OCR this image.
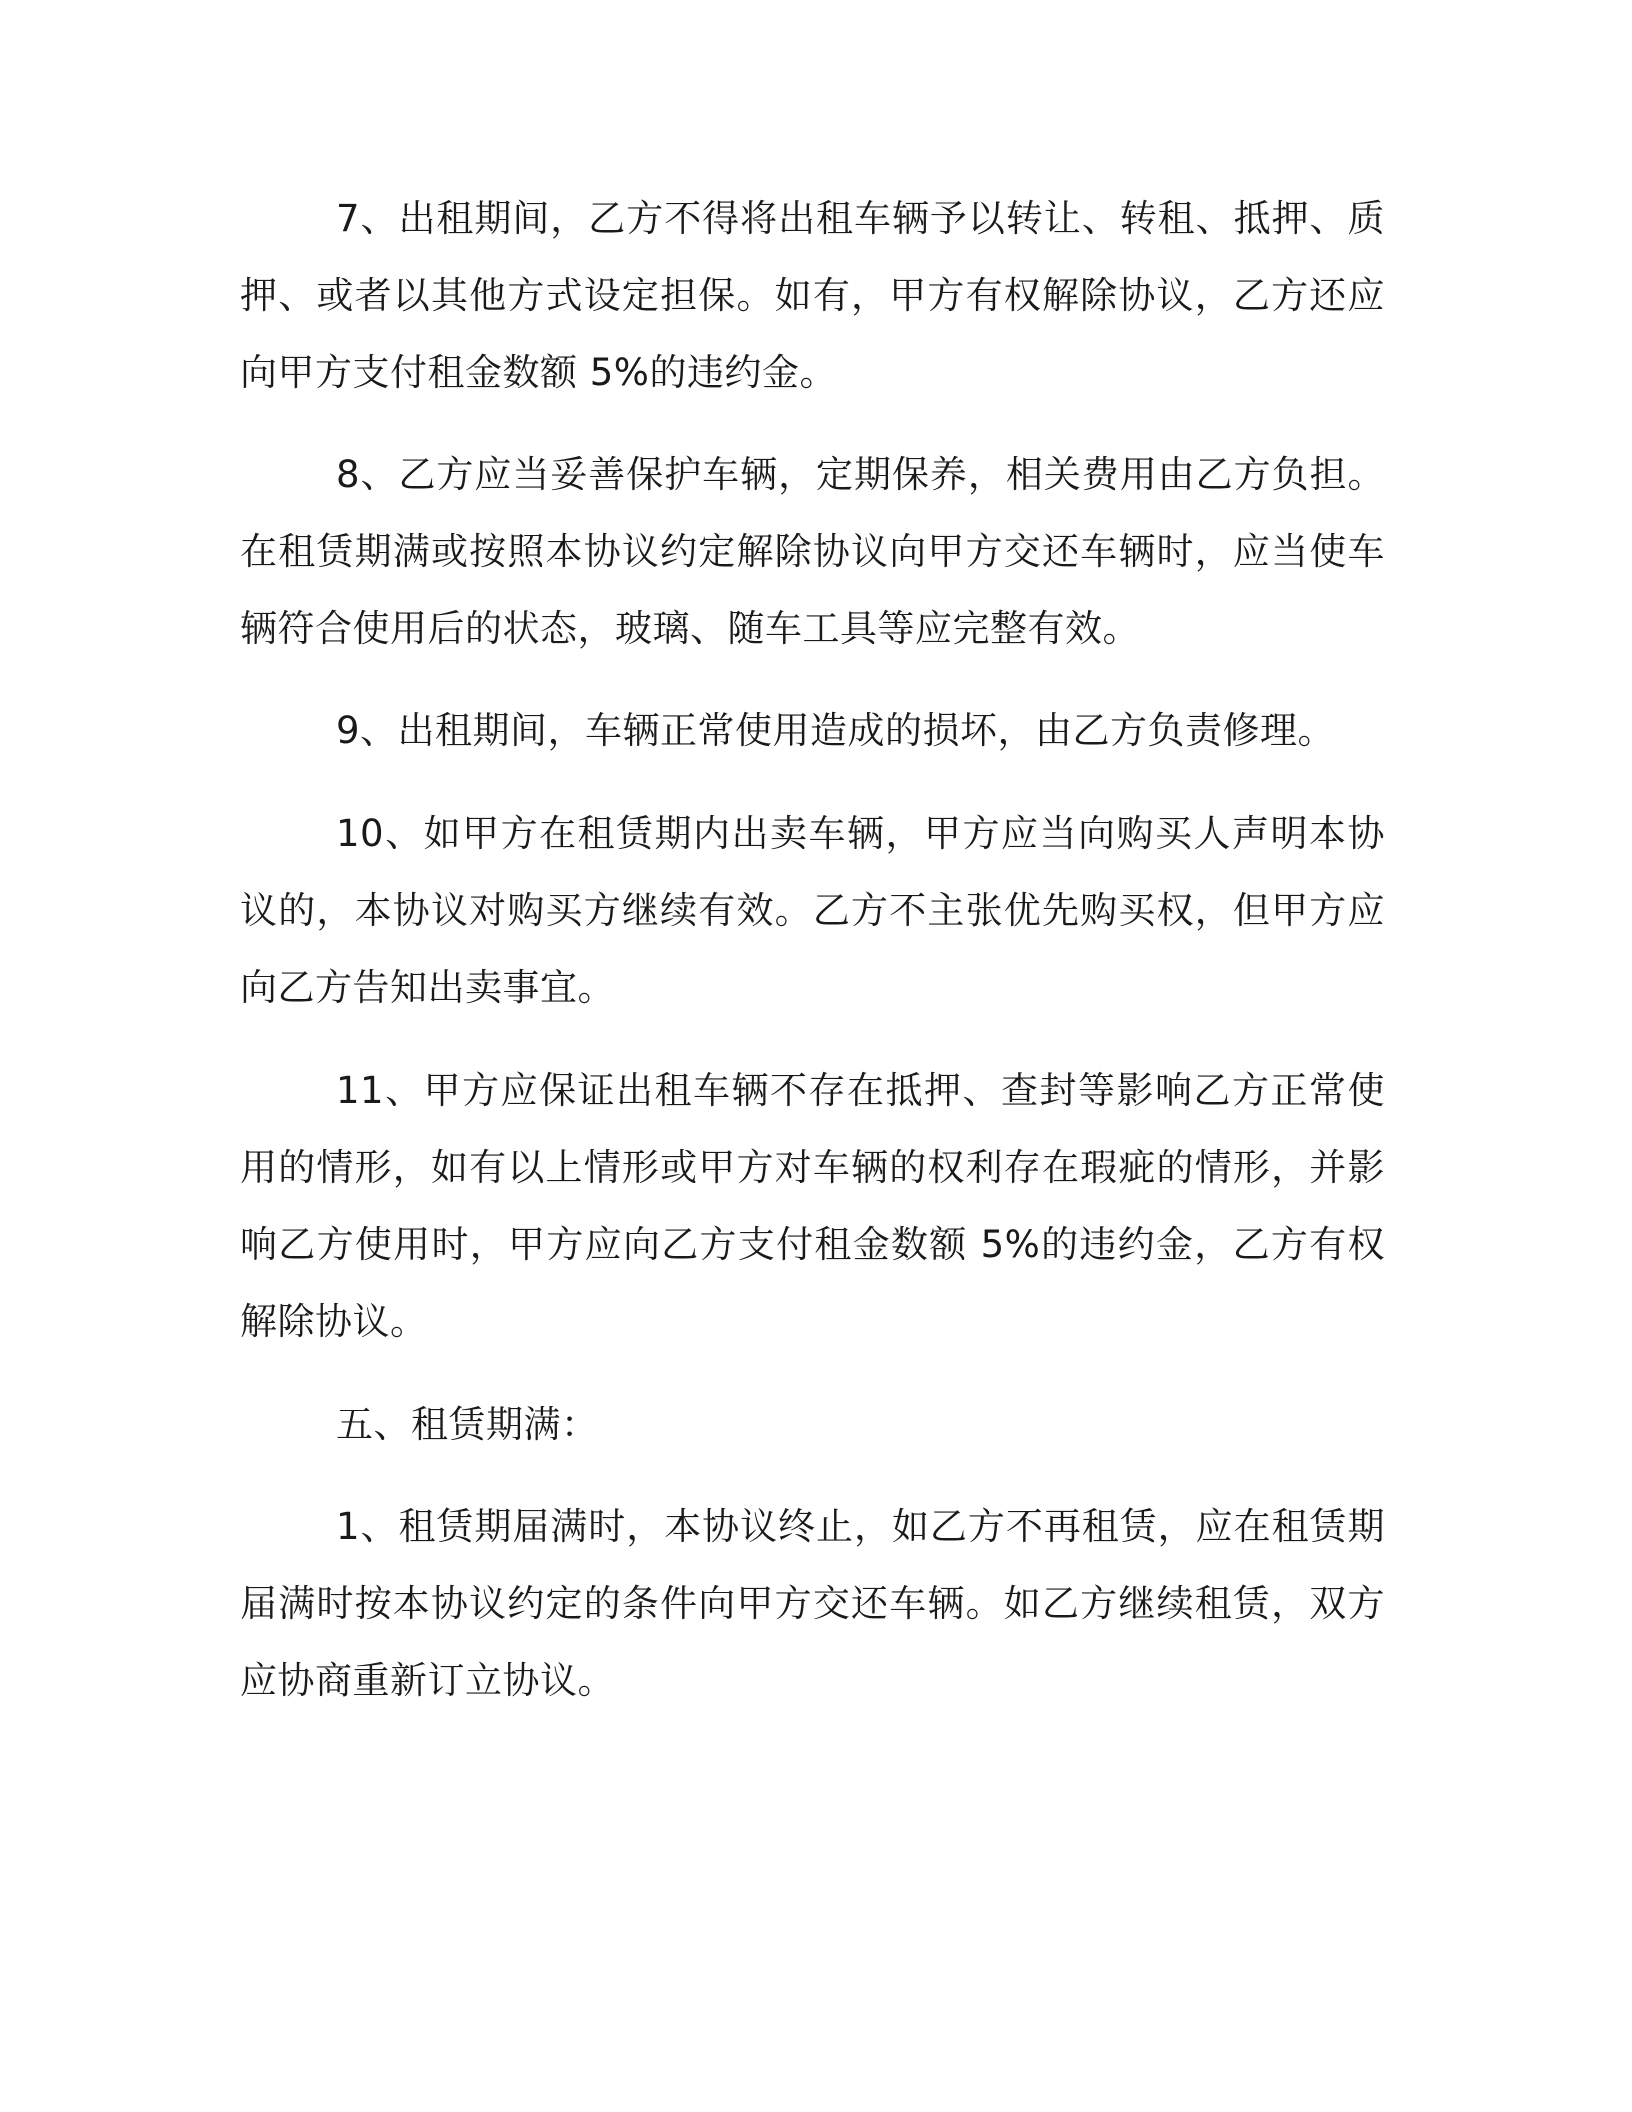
7、出租期间，乙方不得将出租车辆予以转让、转租、抵押、质押、或者以其他方式设定担保。如有，甲方有权解除协议，乙方还应向甲方支付租金数额 5%的违约金。

8、乙方应当妥善保护车辆，定期保养，相关费用由乙方负担。在租赁期满或按照本协议约定解除协议向甲方交还车辆时，应当使车辆符合使用后的状态，玻璃、随车工具等应完整有效。

9、出租期间，车辆正常使用造成的损坏，由乙方负责修理。

10、如甲方在租赁期内出卖车辆，甲方应当向购买人声明本协议的，本协议对购买方继续有效。乙方不主张优先购买权，但甲方应向乙方告知出卖事宜。

11、甲方应保证出租车辆不存在抵押、查封等影响乙方正常使用的情形，如有以上情形或甲方对车辆的权利存在瑕疵的情形，并影响乙方使用时，甲方应向乙方支付租金数额 5%的违约金，乙方有权解除协议。

五、租赁期满：

1、租赁期届满时，本协议终止，如乙方不再租赁，应在租赁期届满时按本协议约定的条件向甲方交还车辆。如乙方继续租赁，双方应协商重新订立协议。
